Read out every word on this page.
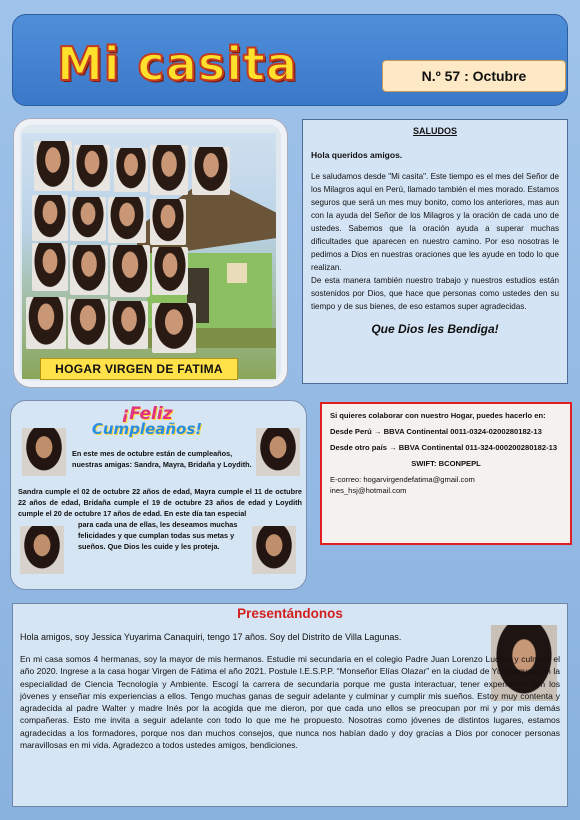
Mi casita	N.º 57 : Octubre
HOGAR VIRGEN DE FATIMA
SALUDOS
Hola queridos amigos.

Le saludamos desde "Mi casita". Este tiempo es el mes del Señor de los Milagros aquí en Perú, llamado también el mes morado. Estamos seguros que será un mes muy bonito, como los anteriores, mas aun con la ayuda del Señor de los Milagros y la oración de cada uno de ustedes. Sabemos que la oración ayuda a superar muchas dificultades que aparecen en nuestro camino. Por eso nosotras le pedimos a Dios en nuestras oraciones que les ayude en todo lo que realizan.

De esta manera también nuestro trabajo y nuestros estudios están sostenidos por Dios, que hace que personas como ustedes den su tiempo y de sus bienes, de eso estamos super agradecidas.

Que Dios les Bendiga!
¡Feliz
Cumpleaños!
En este mes de octubre están de cumpleaños, nuestras amigas: Sandra, Mayra, Bridaña y Loydith.
Sandra cumple el 02 de octubre 22 años de edad, Mayra cumple el 11 de octubre 22 años de edad, Bridaña cumple el 19 de octubre 23 años de edad y Loydith cumple el 20 de octubre 17 años de edad. En este día tan especial
para cada una de ellas, les deseamos muchas felicidades y que cumplan todas sus metas y sueños. Que Dios les cuide y les proteja.
Si quieres colaborar con nuestro Hogar, puedes hacerlo en:
Desde Perú → BBVA Continental 0011-0324-0200280182-13
Desde otro país → BBVA Continental 011-324-000200280182-13
SWIFT: BCONPEPL
E-correo: hogarvirgendefatima@gmail.com
ines_hsj@hotmail.com
Presentándonos
Hola amigos, soy Jessica Yuyarima Canaquiri, tengo 17 años. Soy del Distrito de Villa Lagunas.
En mi casa somos 4 hermanas, soy la mayor de mis hermanos. Estudie mi secundaria en el colegio Padre Juan Lorenzo Lucero y culminé el año 2020. Ingrese a la casa hogar Virgen de Fátima el año 2021. Postule I.E.S.P.P. “Monseñor Elías Olazar” en la ciudad de Yurimaguas, en la especialidad de Ciencia Tecnología y Ambiente. Escogí la carrera de secundaria porque me gusta interactuar, tener experiencia con los jóvenes y enseñar mis experiencias a ellos. Tengo muchas ganas de seguir adelante y culminar y cumplir mis sueños. Estoy muy contenta y agradecida al padre Walter y madre Inés por la acogida que me dieron, por que cada uno ellos se preocupan por mi y por mis demás compañeras. Esto me invita a seguir adelante con todo lo que me he propuesto. Nosotras como jóvenes de distintos lugares, estamos agradecidas a los formadores, porque nos dan muchos consejos, que nunca nos habían dado y doy gracias a Dios por conocer personas maravillosas en mi vida. Agradezco a todos ustedes amigos, bendiciones.
